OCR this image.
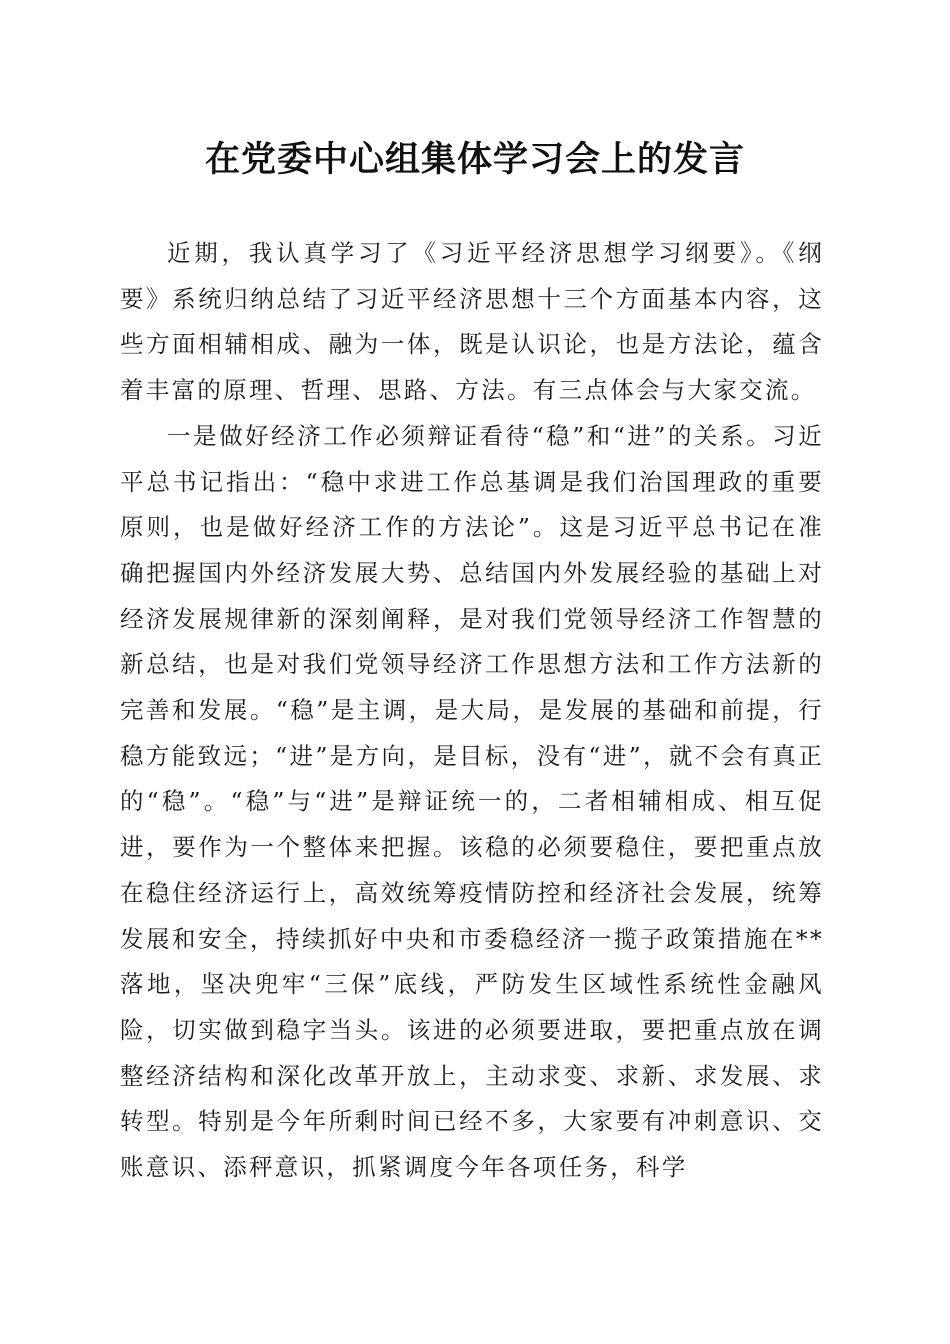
在党委中心组集体学习会上的发言

近期，我认真学习了《习近平经济思想学习纲要》。《纲要》系统归纳总结了习近平经济思想十三个方面基本内容，这些方面相辅相成、融为一体，既是认识论，也是方法论，蕴含着丰富的原理、哲理、思路、方法。有三点体会与大家交流。

一是做好经济工作必须辩证看待“稳”和“进”的关系。习近平总书记指出：“稳中求进工作总基调是我们治国理政的重要原则，也是做好经济工作的方法论”。这是习近平总书记在准确把握国内外经济发展大势、总结国内外发展经验的基础上对经济发展规律新的深刻阐释，是对我们党领导经济工作智慧的新总结，也是对我们党领导经济工作思想方法和工作方法新的完善和发展。“稳”是主调，是大局，是发展的基础和前提，行稳方能致远；“进”是方向，是目标，没有“进”，就不会有真正的“稳”。“稳”与“进”是辩证统一的，二者相辅相成、相互促进，要作为一个整体来把握。该稳的必须要稳住，要把重点放在稳住经济运行上，高效统筹疫情防控和经济社会发展，统筹发展和安全，持续抓好中央和市委稳经济一揽子政策措施在**落地，坚决兜牢“三保”底线，严防发生区域性系统性金融风险，切实做到稳字当头。该进的必须要进取，要把重点放在调整经济结构和深化改革开放上，主动求变、求新、求发展、求转型。特别是今年所剩时间已经不多，大家要有冲刺意识、交账意识、添秤意识，抓紧调度今年各项任务，科学
